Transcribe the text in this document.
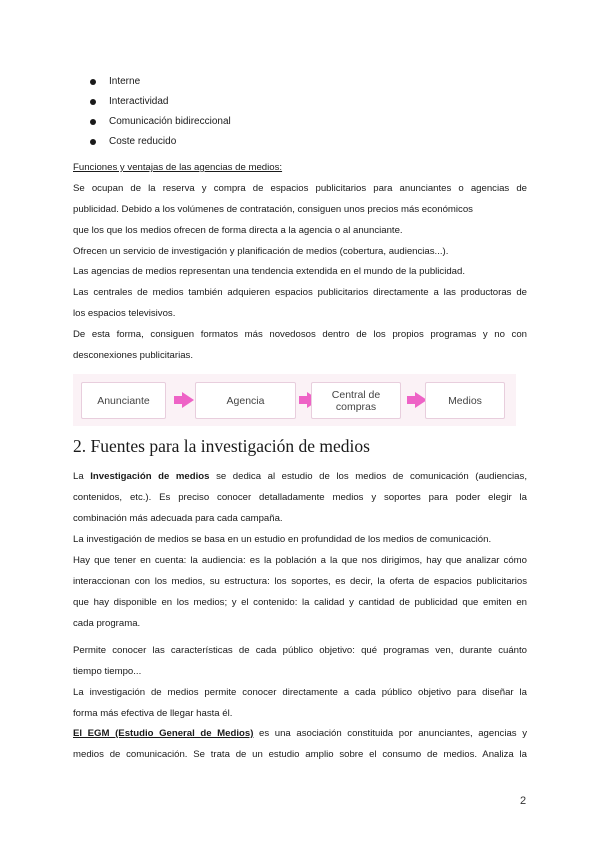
Interne
Interactividad
Comunicación bidireccional
Coste reducido
Funciones y ventajas de las agencias de medios:
Se ocupan de la reserva y compra de espacios publicitarios para anunciantes o agencias de
publicidad. Debido a los volúmenes de contratación, consiguen unos precios más económicos
que los que los medios ofrecen de forma directa a la agencia o al anunciante.
Ofrecen un servicio de investigación y planificación de medios (cobertura, audiencias...).
Las agencias de medios representan una tendencia extendida en el mundo de la publicidad.
Las centrales de medios también adquieren espacios publicitarios directamente a las productoras de
los espacios televisivos.
De esta forma, consiguen formatos más novedosos dentro de los propios programas y no con
desconexiones publicitarias.
Anunciante	Agencia	Central de compras	Medios
2. Fuentes para la investigación de medios
La Investigación de medios se dedica al estudio de los medios de comunicación (audiencias,
contenidos, etc.). Es preciso conocer detalladamente medios y soportes para poder elegir la
combinación más adecuada para cada campaña.
La investigación de medios se basa en un estudio en profundidad de los medios de comunicación.
Hay que tener en cuenta: la audiencia: es la población a la que nos dirigimos, hay que analizar cómo
interaccionan con los medios, su estructura: los soportes, es decir, la oferta de espacios publicitarios
que hay disponible en los medios; y el contenido: la calidad y cantidad de publicidad que emiten en
cada programa.
Permite conocer las características de cada público objetivo: qué programas ven, durante cuánto
tiempo tiempo...
La investigación de medios permite conocer directamente a cada público objetivo para diseñar la
forma más efectiva de llegar hasta él.
El EGM (Estudio General de Medios) es una asociación constituida por anunciantes, agencias y
medios de comunicación. Se trata de un estudio amplio sobre el consumo de medios. Analiza la
2
